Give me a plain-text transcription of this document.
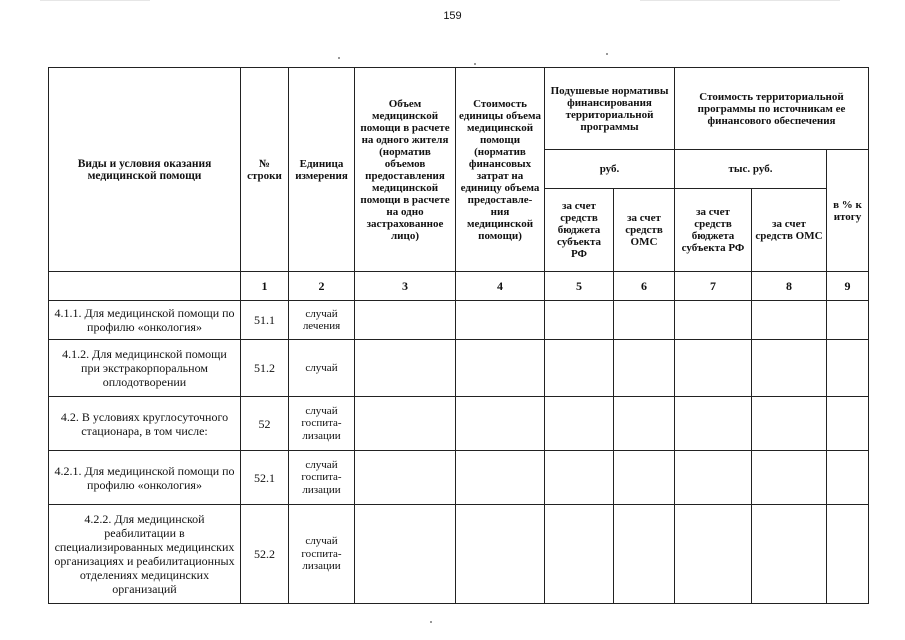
159
Виды и условия оказания медицинской помощи	№ строки	Единица измерения	Объем медицинской помощи в расчете на одного жителя (норматив объемов предоставления медицинской помощи в расчете на одно застрахованное лицо)	Стоимость единицы объема медицинской помощи (норматив финансовых затрат на единицу объема предоставле-ния медицинской помощи)	Подушевые нормативы финансирования территориальной программы		Стоимость территориальной программы по источникам ее финансового обеспечения		
					руб.		тыс. руб.		в % к итогу
					за счет средств бюджета субъекта РФ	за счет средств ОМС	за счет средств бюджета субъекта РФ	за счет средств ОМС	
	1	2	3	4	5	6	7	8	9
4.1.1. Для медицинской помощи по профилю «онкология»	51.1	случай лечения							
4.1.2. Для медицинской помощи при экстракорпоральном оплодотворении	51.2	случай							
4.2. В условиях круглосуточного стационара, в том числе:	52	случай госпита-лизации							
4.2.1. Для медицинской помощи по профилю «онкология»	52.1	случай госпита-лизации							
4.2.2. Для медицинской реабилитации в специализированных медицинских организациях и реабилитационных отделениях медицинских организаций	52.2	случай госпита-лизации							
